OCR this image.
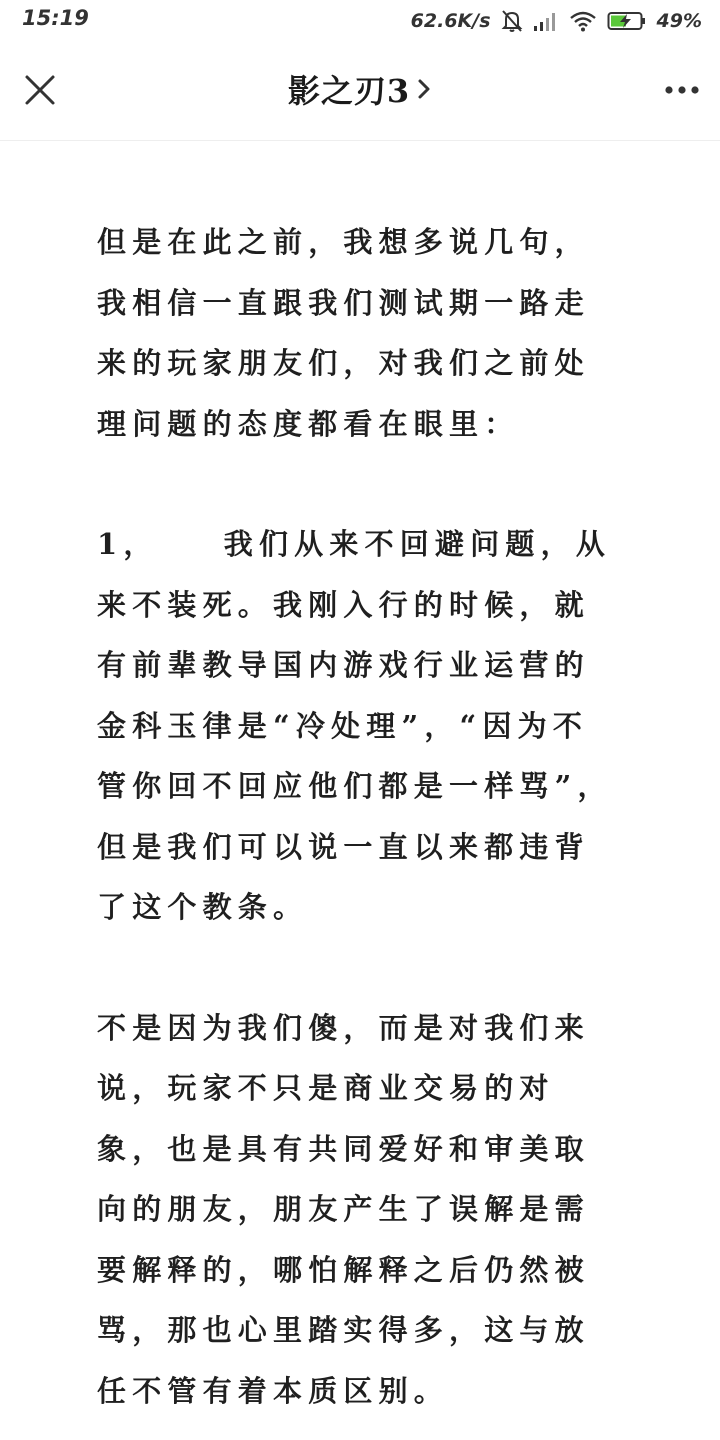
15:19	62.6K/s	49%
影之刃3

但是在此之前，我想多说几句，我相信一直跟我们测试期一路走来的玩家朋友们，对我们之前处理问题的态度都看在眼里：

1，    我们从来不回避问题，从来不装死。我刚入行的时候，就有前辈教导国内游戏行业运营的金科玉律是“冷处理”，“因为不管你回不回应他们都是一样骂”，但是我们可以说一直以来都违背了这个教条。

不是因为我们傻，而是对我们来说，玩家不只是商业交易的对象，也是具有共同爱好和审美取向的朋友，朋友产生了误解是需要解释的，哪怕解释之后仍然被骂，那也心里踏实得多，这与放任不管有着本质区别。
